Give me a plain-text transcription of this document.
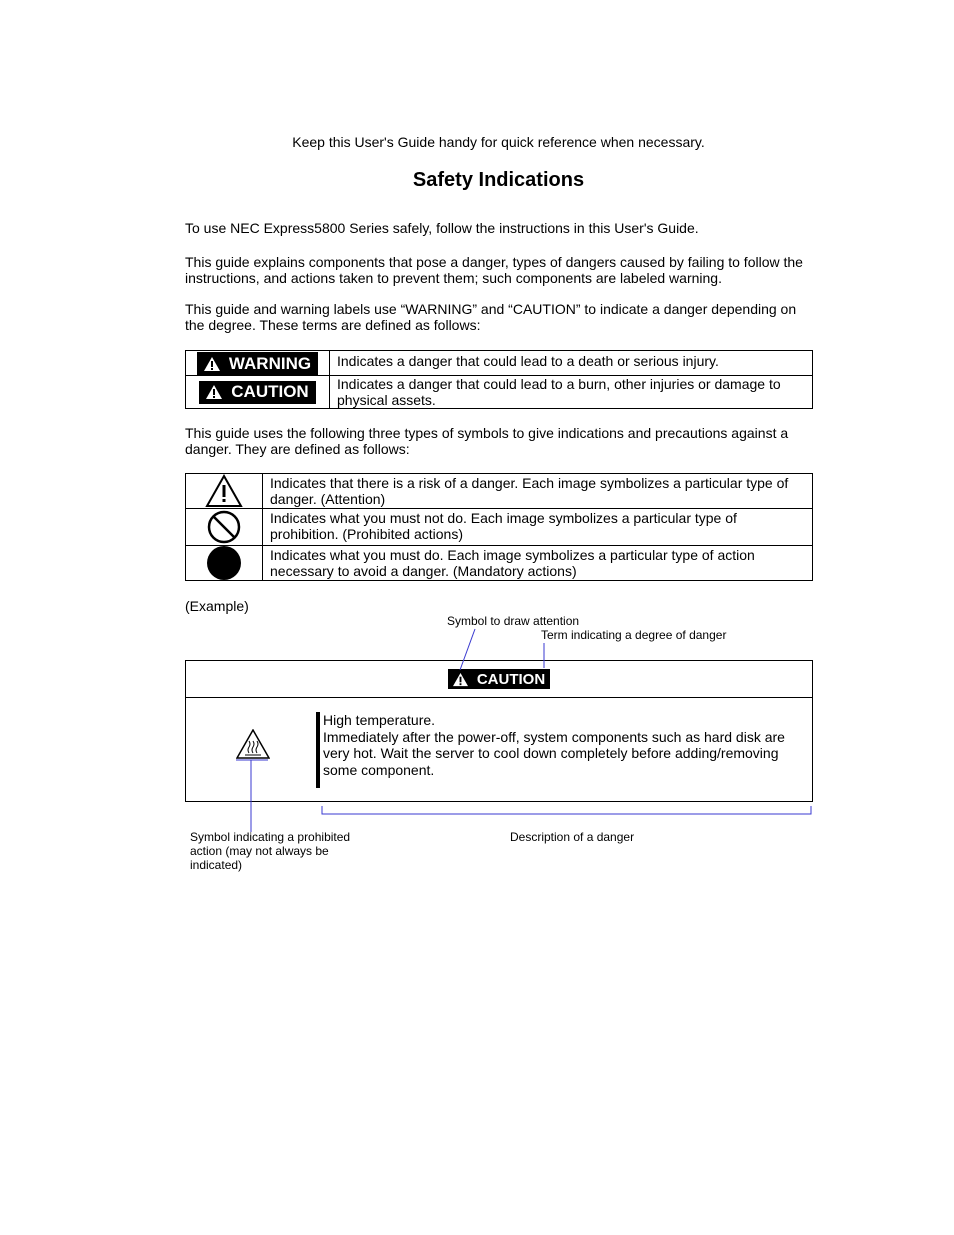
Keep this User's Guide handy for quick reference when necessary.
Safety Indications

To use NEC Express5800 Series safely, follow the instructions in this User's Guide.

This guide explains components that pose a danger, types of dangers caused by failing to follow the instructions, and actions taken to prevent them; such components are labeled warning.

This guide and warning labels use “WARNING” and “CAUTION” to indicate a danger depending on the degree. These terms are defined as follows:

WARNING	Indicates a danger that could lead to a death or serious injury.

CAUTION	Indicates a danger that could lead to a burn, other injuries or damage to physical assets.

This guide uses the following three types of symbols to give indications and precautions against a danger. They are defined as follows:

Indicates that there is a risk of a danger. Each image symbolizes a particular type of danger. (Attention)

Indicates what you must not do. Each image symbolizes a particular type of prohibition. (Prohibited actions)

Indicates what you must do. Each image symbolizes a particular type of action necessary to avoid a danger. (Mandatory actions)
(Example)
Symbol to draw attention
Term indicating a degree of danger
CAUTION
High temperature.
Immediately after the power-off, system components such as hard disk are very hot. Wait the server to cool down completely before adding/removing some component.
Symbol indicating a prohibited action (may not always be indicated)
Description of a danger
